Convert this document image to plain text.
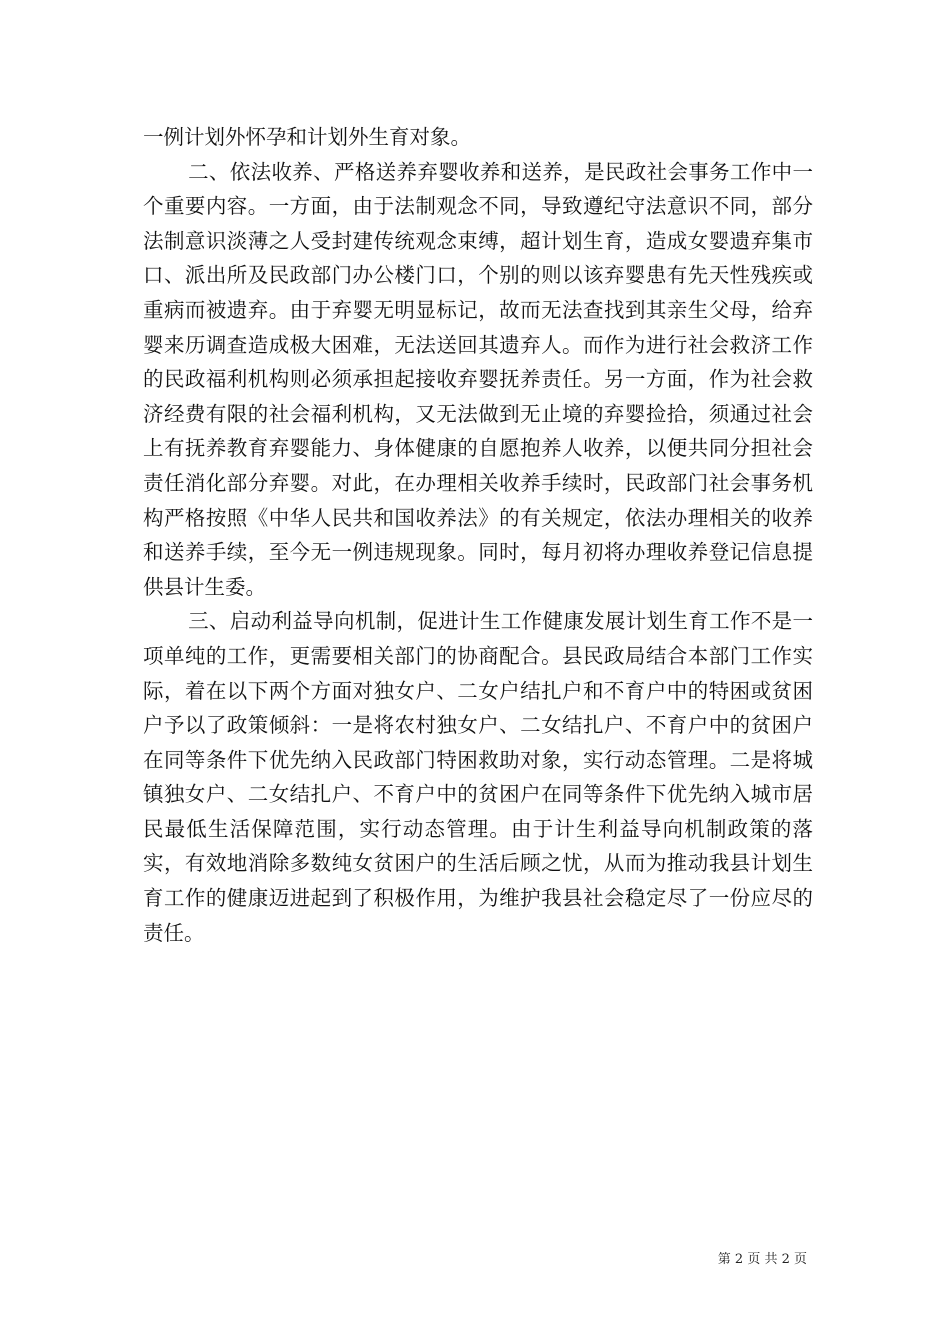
一例计划外怀孕和计划外生育对象。

二、依法收养、严格送养弃婴收养和送养，是民政社会事务工作中一个重要内容。一方面，由于法制观念不同，导致遵纪守法意识不同，部分法制意识淡薄之人受封建传统观念束缚，超计划生育，造成女婴遗弃集市口、派出所及民政部门办公楼门口，个别的则以该弃婴患有先天性残疾或重病而被遗弃。由于弃婴无明显标记，故而无法查找到其亲生父母，给弃婴来历调查造成极大困难，无法送回其遗弃人。而作为进行社会救济工作的民政福利机构则必须承担起接收弃婴抚养责任。另一方面，作为社会救济经费有限的社会福利机构，又无法做到无止境的弃婴捡拾，须通过社会上有抚养教育弃婴能力、身体健康的自愿抱养人收养，以便共同分担社会责任消化部分弃婴。对此，在办理相关收养手续时，民政部门社会事务机构严格按照《中华人民共和国收养法》的有关规定，依法办理相关的收养和送养手续，至今无一例违规现象。同时，每月初将办理收养登记信息提供县计生委。

三、启动利益导向机制，促进计生工作健康发展计划生育工作不是一项单纯的工作，更需要相关部门的协商配合。县民政局结合本部门工作实际，着在以下两个方面对独女户、二女户结扎户和不育户中的特困或贫困户予以了政策倾斜：一是将农村独女户、二女结扎户、不育户中的贫困户在同等条件下优先纳入民政部门特困救助对象，实行动态管理。二是将城镇独女户、二女结扎户、不育户中的贫困户在同等条件下优先纳入城市居民最低生活保障范围，实行动态管理。由于计生利益导向机制政策的落实，有效地消除多数纯女贫困户的生活后顾之忧，从而为推动我县计划生育工作的健康迈进起到了积极作用，为维护我县社会稳定尽了一份应尽的责任。

第 2 页 共 2 页
